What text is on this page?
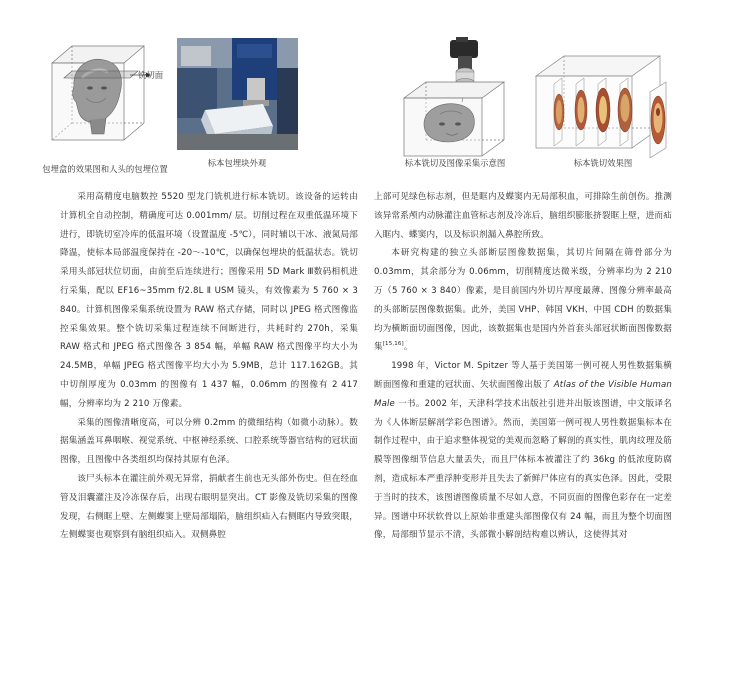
铣切面
包埋盒的效果图和人头的包埋位置
标本包埋块外观	标本铣切及图像采集示意图	标本铣切效果图

采用高精度电脑数控 5520 型龙门铣机进行标本铣切。该设备的运转由计算机全自动控制，精确度可达 0.001mm/ 层。切削过程在双重低温环境下进行，即铣切室冷库的低温环境（设置温度 -5℃），同时辅以干冰、液氮局部降温，使标本局部温度保持在 -20～-10℃，以确保包埋块的低温状态。铣切采用头部冠状位切面，由前至后连续进行；图像采用 5D Mark Ⅲ数码相机进行采集，配以 EF16~35mm f/2.8L Ⅱ USM 镜头，有效像素为 5 760 × 3 840。计算机图像采集系统设置为 RAW 格式存储，同时以 JPEG 格式图像监控采集效果。整个铣切采集过程连续不间断进行，共耗时约 270h，采集 RAW 格式和 JPEG 格式图像各 3 854 幅，单幅 RAW 格式图像平均大小为 24.5MB，单幅 JPEG 格式图像平均大小为 5.9MB，总计 117.162GB。其中切削厚度为 0.03mm 的图像有 1 437 幅，0.06mm 的图像有 2 417 幅，分辨率均为 2 210 万像素。

采集的图像清晰度高，可以分辨 0.2mm 的微细结构（如微小动脉）。数据集涵盖耳鼻咽喉、视觉系统、中枢神经系统、口腔系统等器官结构的冠状面图像，且图像中各类组织均保持其原有色泽。

该尸头标本在灌注前外观无异常，捐献者生前也无头部外伤史。但在经血管及泪囊灌注及冷冻保存后，出现右眼明显突出。CT 影像及铣切采集的图像发现，右侧眶上壁、左侧蝶窦上壁局部塌陷，脑组织疝入右侧眶内导致突眼，左侧蝶窦也观察到有脑组织疝入。双侧鼻腔

上部可见绿色标志剂，但是眶内及蝶窦内无局部积血，可排除生前创伤。推测该异常系颅内动脉灌注血管标志剂及冷冻后，脑组织膨胀挤裂眶上壁，进而疝入眶内、蝶窦内，以及标识剂漏入鼻腔所致。

本研究构建的独立头部断层图像数据集，其切片间隔在筛骨部分为 0.03mm，其余部分为 0.06mm，切削精度达微米级，分辨率均为 2 210 万（5 760 × 3 840）像素，是目前国内外切片厚度最薄、图像分辨率最高的头部断层图像数据集。此外，美国 VHP、韩国 VKH、中国 CDH 的数据集均为横断面切面图像，因此，该数据集也是国内外首套头部冠状断面图像数据集[15,16]。

1998 年，Victor M. Spitzer 等人基于美国第一例可视人男性数据集横断面图像和重建的冠状面、矢状面图像出版了 Atlas of the Visible Human Male 一书。2002 年，天津科学技术出版社引进并出版该图谱，中文版译名为《人体断层解剖学彩色图谱》。然而，美国第一例可视人男性数据集标本在制作过程中，由于追求整体视觉的美观而忽略了解剖的真实性，肌肉纹理及筋膜等图像细节信息大量丢失，而且尸体标本被灌注了约 36kg 的低浓度防腐剂，造成标本严重浮肿变形并且失去了新鲜尸体应有的真实色泽。因此，受限于当时的技术，该图谱图像质量不尽如人意，不同页面的图像色彩存在一定差异。图谱中环状软骨以上原始非重建头部图像仅有 24 幅，而且为整个切面图像，局部细节显示不清，头部微小解剖结构难以辨认，这使得其对
